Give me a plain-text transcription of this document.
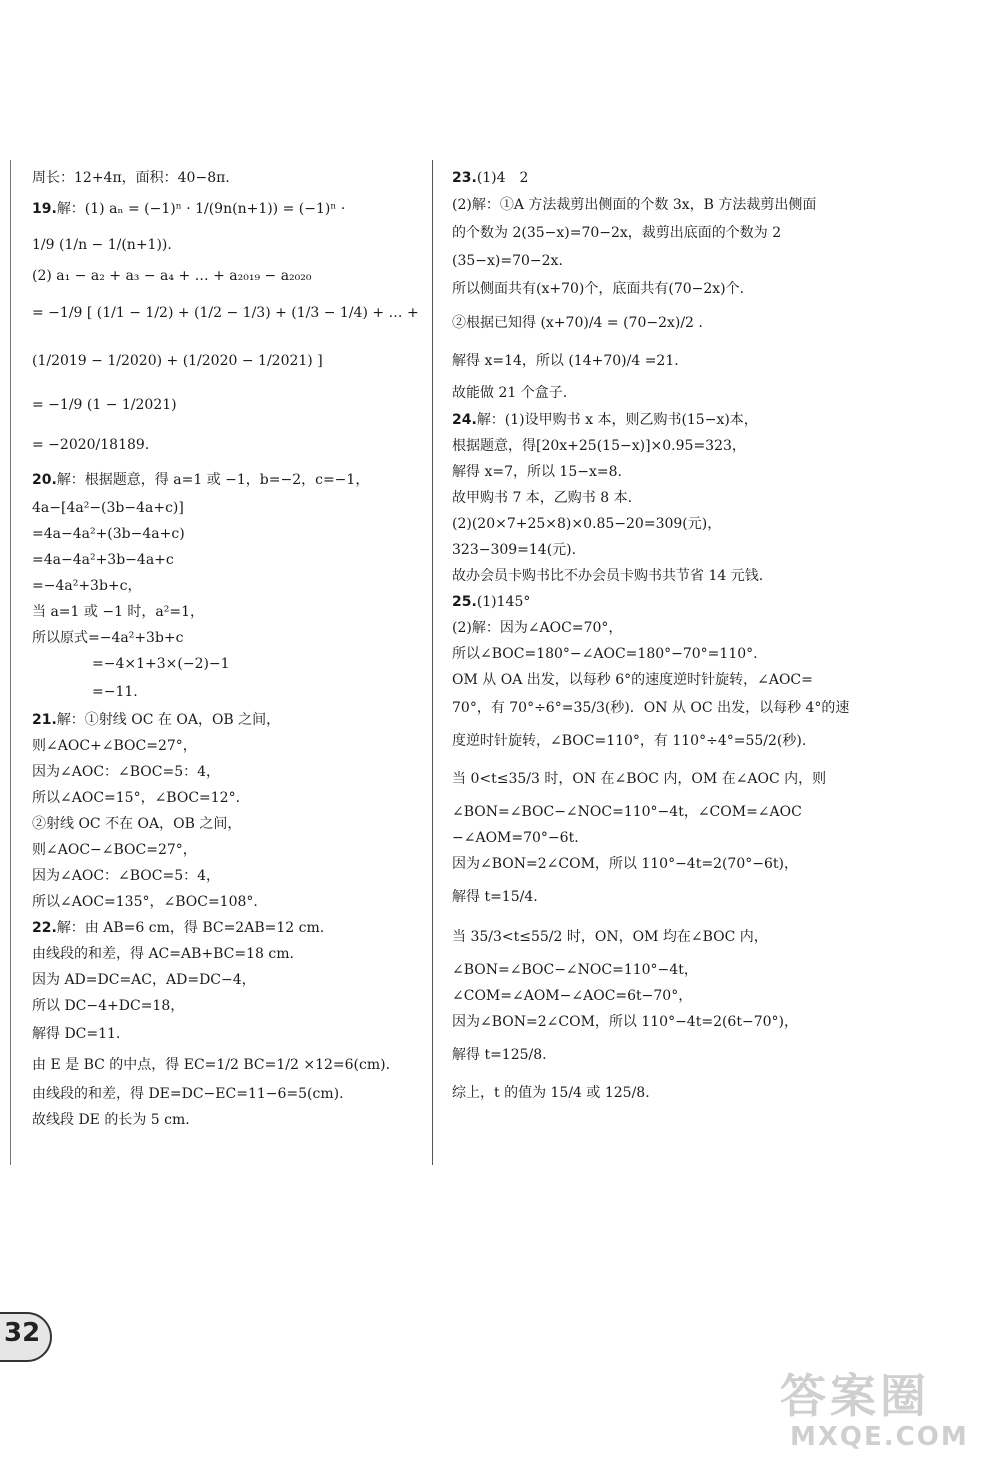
周长：12+4π，面积：40−8π.
19.解：(1) aₙ = (−1)ⁿ · 1/(9n(n+1)) = (−1)ⁿ ·
1/9 (1/n − 1/(n+1)).
(2) a₁ − a₂ + a₃ − a₄ + … + a₂₀₁₉ − a₂₀₂₀
= −1/9 [ (1/1 − 1/2) + (1/2 − 1/3) + (1/3 − 1/4) + … +
(1/2019 − 1/2020) + (1/2020 − 1/2021) ]
= −1/9 (1 − 1/2021)
= −2020/18189.
20.解：根据题意，得 a=1 或 −1，b=−2，c=−1，
4a−[4a²−(3b−4a+c)]
=4a−4a²+(3b−4a+c)
=4a−4a²+3b−4a+c
=−4a²+3b+c，
当 a=1 或 −1 时，a²=1，
所以原式=−4a²+3b+c
=−4×1+3×(−2)−1
=−11.
21.解：①射线 OC 在 OA，OB 之间，
则∠AOC+∠BOC=27°，
因为∠AOC：∠BOC=5：4，
所以∠AOC=15°，∠BOC=12°.
②射线 OC 不在 OA，OB 之间，
则∠AOC−∠BOC=27°，
因为∠AOC：∠BOC=5：4，
所以∠AOC=135°，∠BOC=108°.
22.解：由 AB=6 cm，得 BC=2AB=12 cm.
由线段的和差，得 AC=AB+BC=18 cm.
因为 AD=DC=AC，AD=DC−4，
所以 DC−4+DC=18，
解得 DC=11.
由 E 是 BC 的中点，得 EC=1/2 BC=1/2 ×12=6(cm).
由线段的和差，得 DE=DC−EC=11−6=5(cm).
故线段 DE 的长为 5 cm.
23.(1)4　2
(2)解：①A 方法裁剪出侧面的个数 3x，B 方法裁剪出侧面
的个数为 2(35−x)=70−2x，裁剪出底面的个数为 2
(35−x)=70−2x.
所以侧面共有(x+70)个，底面共有(70−2x)个.
②根据已知得 (x+70)/4 = (70−2x)/2 .
解得 x=14，所以 (14+70)/4 =21.
故能做 21 个盒子.
24.解：(1)设甲购书 x 本，则乙购书(15−x)本，
根据题意，得[20x+25(15−x)]×0.95=323，
解得 x=7，所以 15−x=8.
故甲购书 7 本，乙购书 8 本.
(2)(20×7+25×8)×0.85−20=309(元)，
323−309=14(元).
故办会员卡购书比不办会员卡购书共节省 14 元钱.
25.(1)145°
(2)解：因为∠AOC=70°，
所以∠BOC=180°−∠AOC=180°−70°=110°.
OM 从 OA 出发，以每秒 6°的速度逆时针旋转，∠AOC=
70°，有 70°÷6°=35/3(秒)．ON 从 OC 出发，以每秒 4°的速
度逆时针旋转，∠BOC=110°，有 110°÷4°=55/2(秒).
当 0<t≤35/3 时，ON 在∠BOC 内，OM 在∠AOC 内，则
∠BON=∠BOC−∠NOC=110°−4t，∠COM=∠AOC
−∠AOM=70°−6t.
因为∠BON=2∠COM，所以 110°−4t=2(70°−6t)，
解得 t=15/4.
当 35/3<t≤55/2 时，ON，OM 均在∠BOC 内，
∠BON=∠BOC−∠NOC=110°−4t，
∠COM=∠AOM−∠AOC=6t−70°，
因为∠BON=2∠COM，所以 110°−4t=2(6t−70°)，
解得 t=125/8.
综上，t 的值为 15/4 或 125/8.
32
答案圈
MXQE.COM
